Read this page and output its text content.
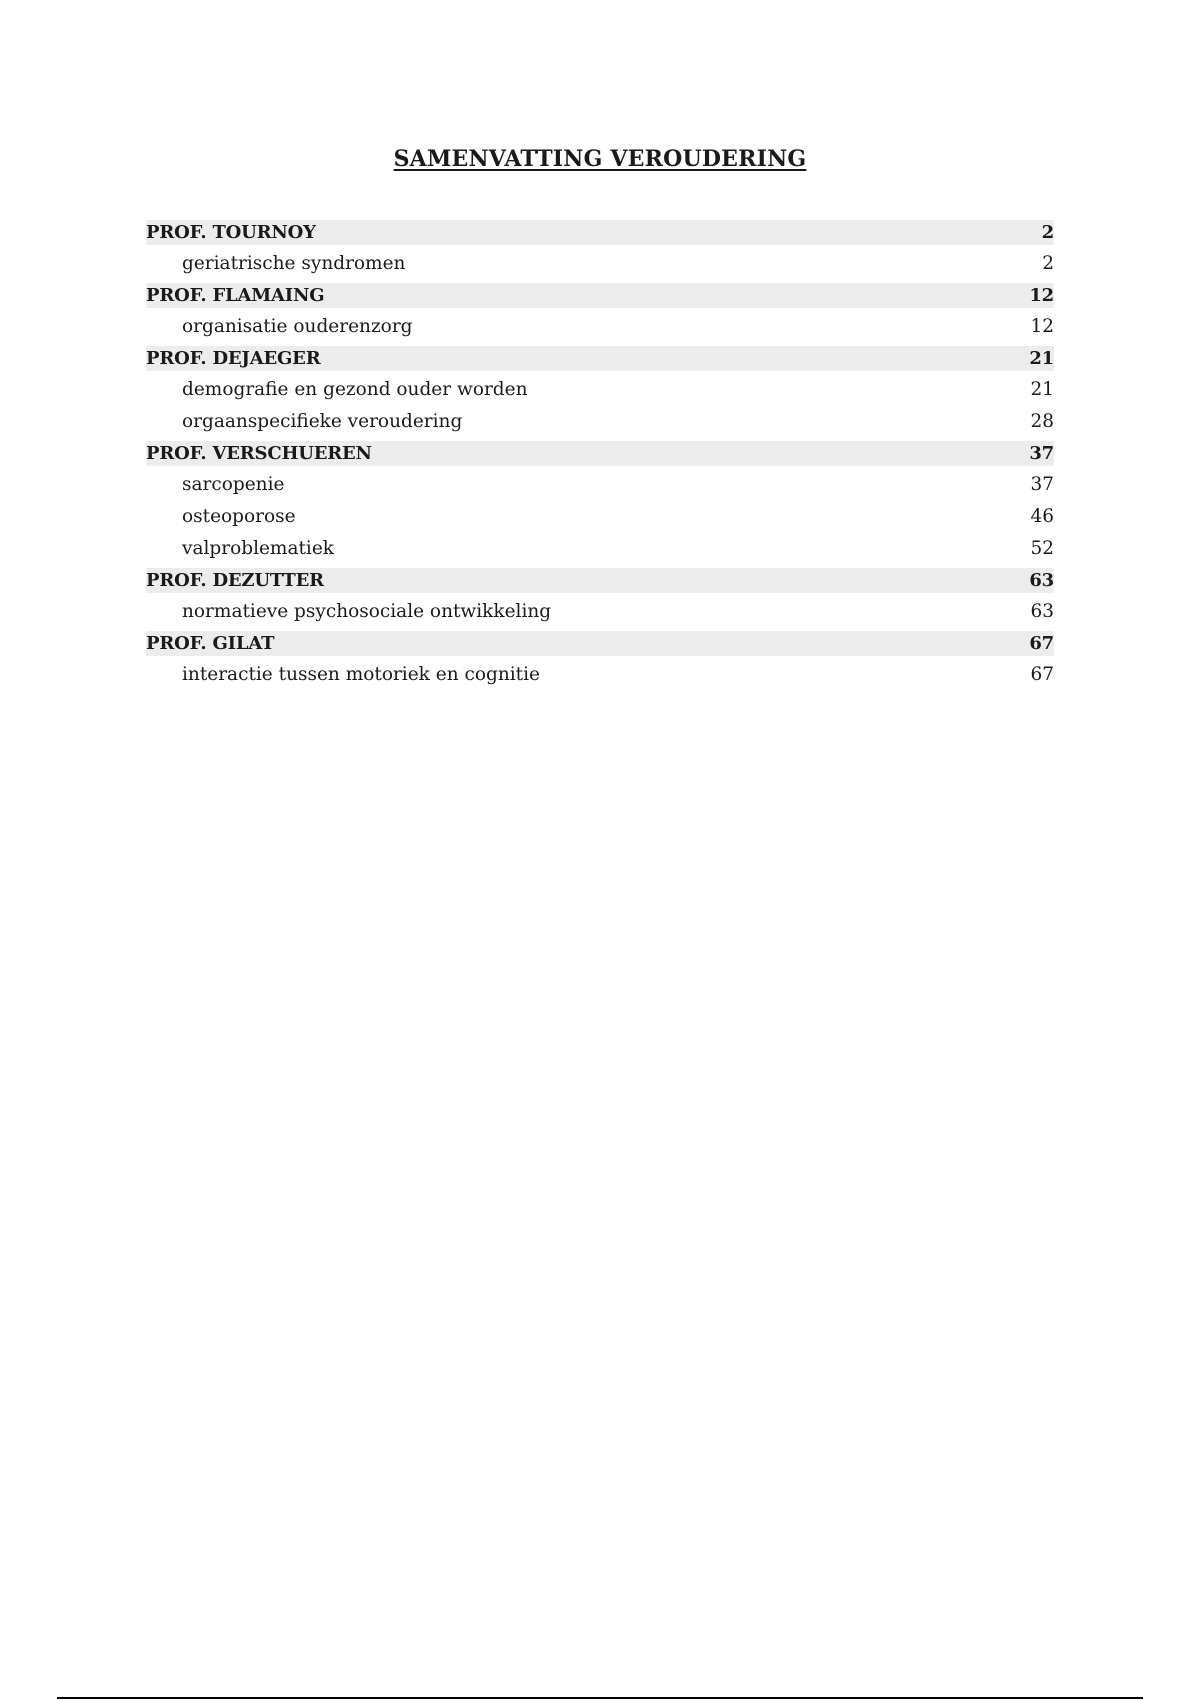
SAMENVATTING VEROUDERING
PROF. TOURNOY	2
geriatrische syndromen	2
PROF. FLAMAING	12
organisatie ouderenzorg	12
PROF. DEJAEGER	21
demografie en gezond ouder worden	21
orgaanspecifieke veroudering	28
PROF. VERSCHUEREN	37
sarcopenie	37
osteoporose	46
valproblematiek	52
PROF. DEZUTTER	63
normatieve psychosociale ontwikkeling	63
PROF. GILAT	67
interactie tussen motoriek en cognitie	67
